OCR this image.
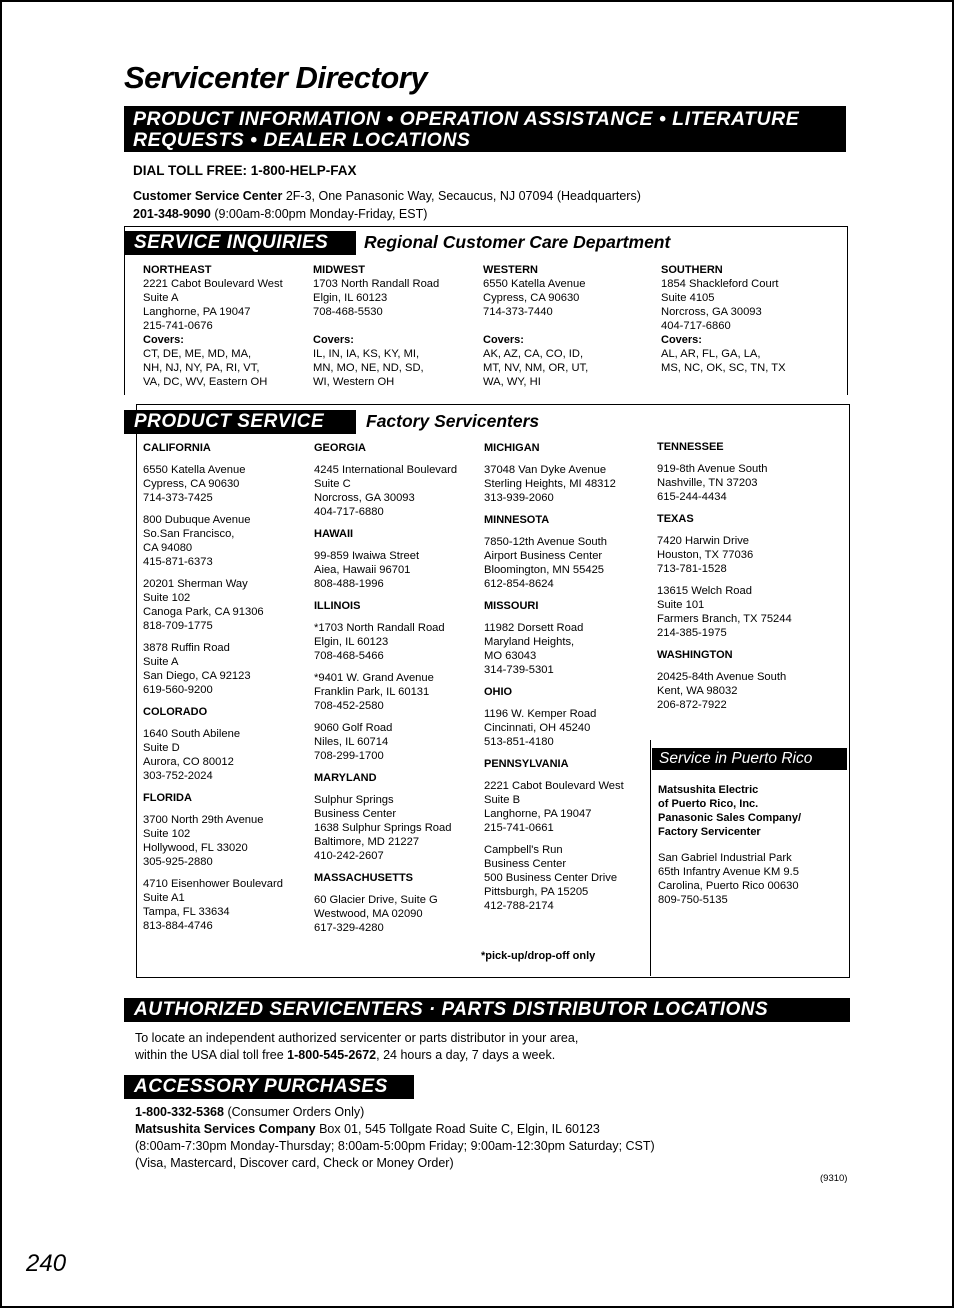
Servicenter Directory
PRODUCT INFORMATION • OPERATION ASSISTANCE • LITERATURE
REQUESTS • DEALER LOCATIONS
DIAL TOLL FREE: 1-800-HELP-FAX
Customer Service Center 2F-3, One Panasonic Way, Secaucus, NJ 07094 (Headquarters)
201-348-9090 (9:00am-8:00pm Monday-Friday, EST)
SERVICE INQUIRIES	Regional Customer Care Department
NORTHEAST
2221 Cabot Boulevard West
Suite A
Langhorne, PA 19047
215-741-0676
Covers:
CT, DE, ME, MD, MA,
NH, NJ, NY, PA, RI, VT,
VA, DC, WV, Eastern OH
MIDWEST
1703 North Randall Road
Elgin, IL 60123
708-468-5530
Covers:
IL, IN, IA, KS, KY, MI,
MN, MO, NE, ND, SD,
WI, Western OH
WESTERN
6550 Katella Avenue
Cypress, CA 90630
714-373-7440
Covers:
AK, AZ, CA, CO, ID,
MT, NV, NM, OR, UT,
WA, WY, HI
SOUTHERN
1854 Shackleford Court
Suite 4105
Norcross, GA 30093
404-717-6860
Covers:
AL, AR, FL, GA, LA,
MS, NC, OK, SC, TN, TX
PRODUCT SERVICE	Factory Servicenters
CALIFORNIA
6550 Katella Avenue
Cypress, CA 90630
714-373-7425
800 Dubuque Avenue
So.San Francisco,
CA 94080
415-871-6373
20201 Sherman Way
Suite 102
Canoga Park, CA 91306
818-709-1775
3878 Ruffin Road
Suite A
San Diego, CA 92123
619-560-9200
COLORADO
1640 South Abilene
Suite D
Aurora, CO 80012
303-752-2024
FLORIDA
3700 North 29th Avenue
Suite 102
Hollywood, FL 33020
305-925-2880
4710 Eisenhower Boulevard
Suite A1
Tampa, FL 33634
813-884-4746
GEORGIA
4245 International Boulevard
Suite C
Norcross, GA 30093
404-717-6880
HAWAII
99-859 Iwaiwa Street
Aiea, Hawaii 96701
808-488-1996
ILLINOIS
*1703 North Randall Road
Elgin, IL 60123
708-468-5466
*9401 W. Grand Avenue
Franklin Park, IL 60131
708-452-2580
9060 Golf Road
Niles, IL 60714
708-299-1700
MARYLAND
Sulphur Springs
Business Center
1638 Sulphur Springs Road
Baltimore, MD 21227
410-242-2607
MASSACHUSETTS
60 Glacier Drive, Suite G
Westwood, MA 02090
617-329-4280
MICHIGAN
37048 Van Dyke Avenue
Sterling Heights, MI 48312
313-939-2060
MINNESOTA
7850-12th Avenue South
Airport Business Center
Bloomington, MN 55425
612-854-8624
MISSOURI
11982 Dorsett Road
Maryland Heights,
MO 63043
314-739-5301
OHIO
1196 W. Kemper Road
Cincinnati, OH 45240
513-851-4180
PENNSYLVANIA
2221 Cabot Boulevard West
Suite B
Langhorne, PA 19047
215-741-0661
Campbell's Run
Business Center
500 Business Center Drive
Pittsburgh, PA 15205
412-788-2174
TENNESSEE
919-8th Avenue South
Nashville, TN 37203
615-244-4434
TEXAS
7420 Harwin Drive
Houston, TX 77036
713-781-1528
13615 Welch Road
Suite 101
Farmers Branch, TX 75244
214-385-1975
WASHINGTON
20425-84th Avenue South
Kent, WA 98032
206-872-7922
*pick-up/drop-off only
Service in Puerto Rico
Matsushita Electric
of Puerto Rico, Inc.
Panasonic Sales Company/
Factory Servicenter
San Gabriel Industrial Park
65th Infantry Avenue KM 9.5
Carolina, Puerto Rico 00630
809-750-5135
AUTHORIZED SERVICENTERS · PARTS DISTRIBUTOR LOCATIONS
To locate an independent authorized servicenter or parts distributor in your area,
within the USA dial toll free 1-800-545-2672, 24 hours a day, 7 days a week.
ACCESSORY PURCHASES
1-800-332-5368 (Consumer Orders Only)
Matsushita Services Company Box 01, 545 Tollgate Road Suite C, Elgin, IL 60123
(8:00am-7:30pm Monday-Thursday; 8:00am-5:00pm Friday; 9:00am-12:30pm Saturday; CST)
(Visa, Mastercard, Discover card, Check or Money Order)
(9310)
240
